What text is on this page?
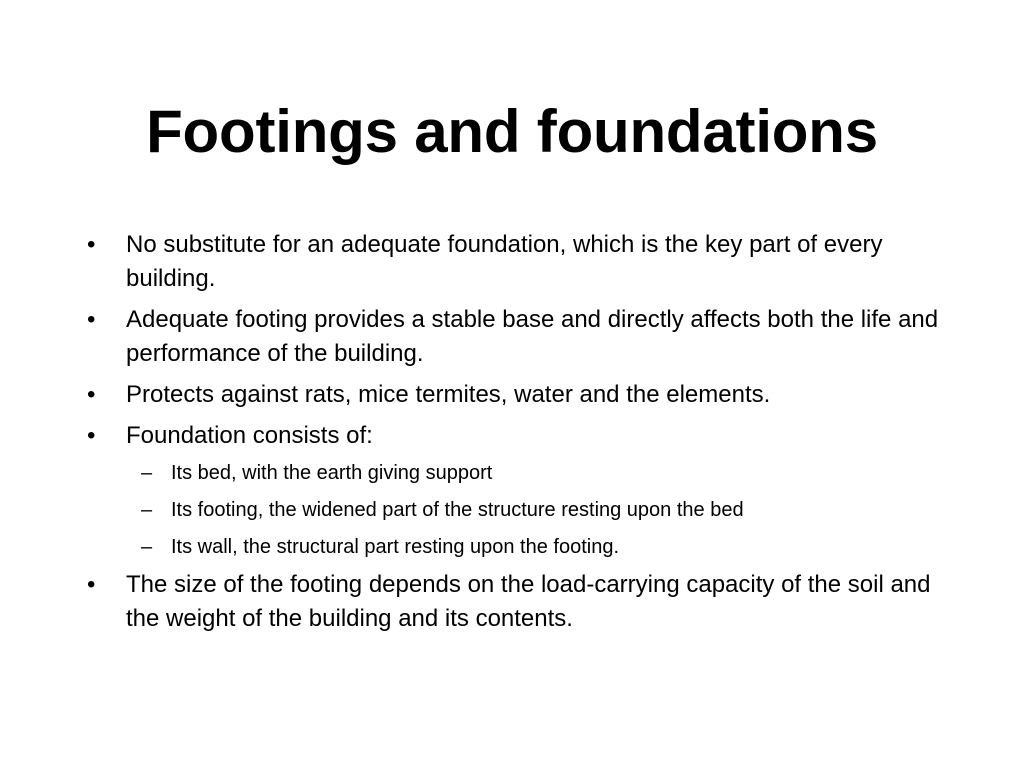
Footings and foundations
•	No substitute for an adequate foundation, which is the key part of every building.
•	Adequate footing provides a stable base and directly affects both the life and performance of the building.
•	Protects against rats, mice termites, water and the elements.
•	Foundation consists of:
– Its bed, with the earth giving support
– Its footing, the widened part of the structure resting upon the bed
– Its wall, the structural part resting upon the footing.
•	The size of the footing depends on the load-carrying capacity of the soil and the weight of the building and its contents.
